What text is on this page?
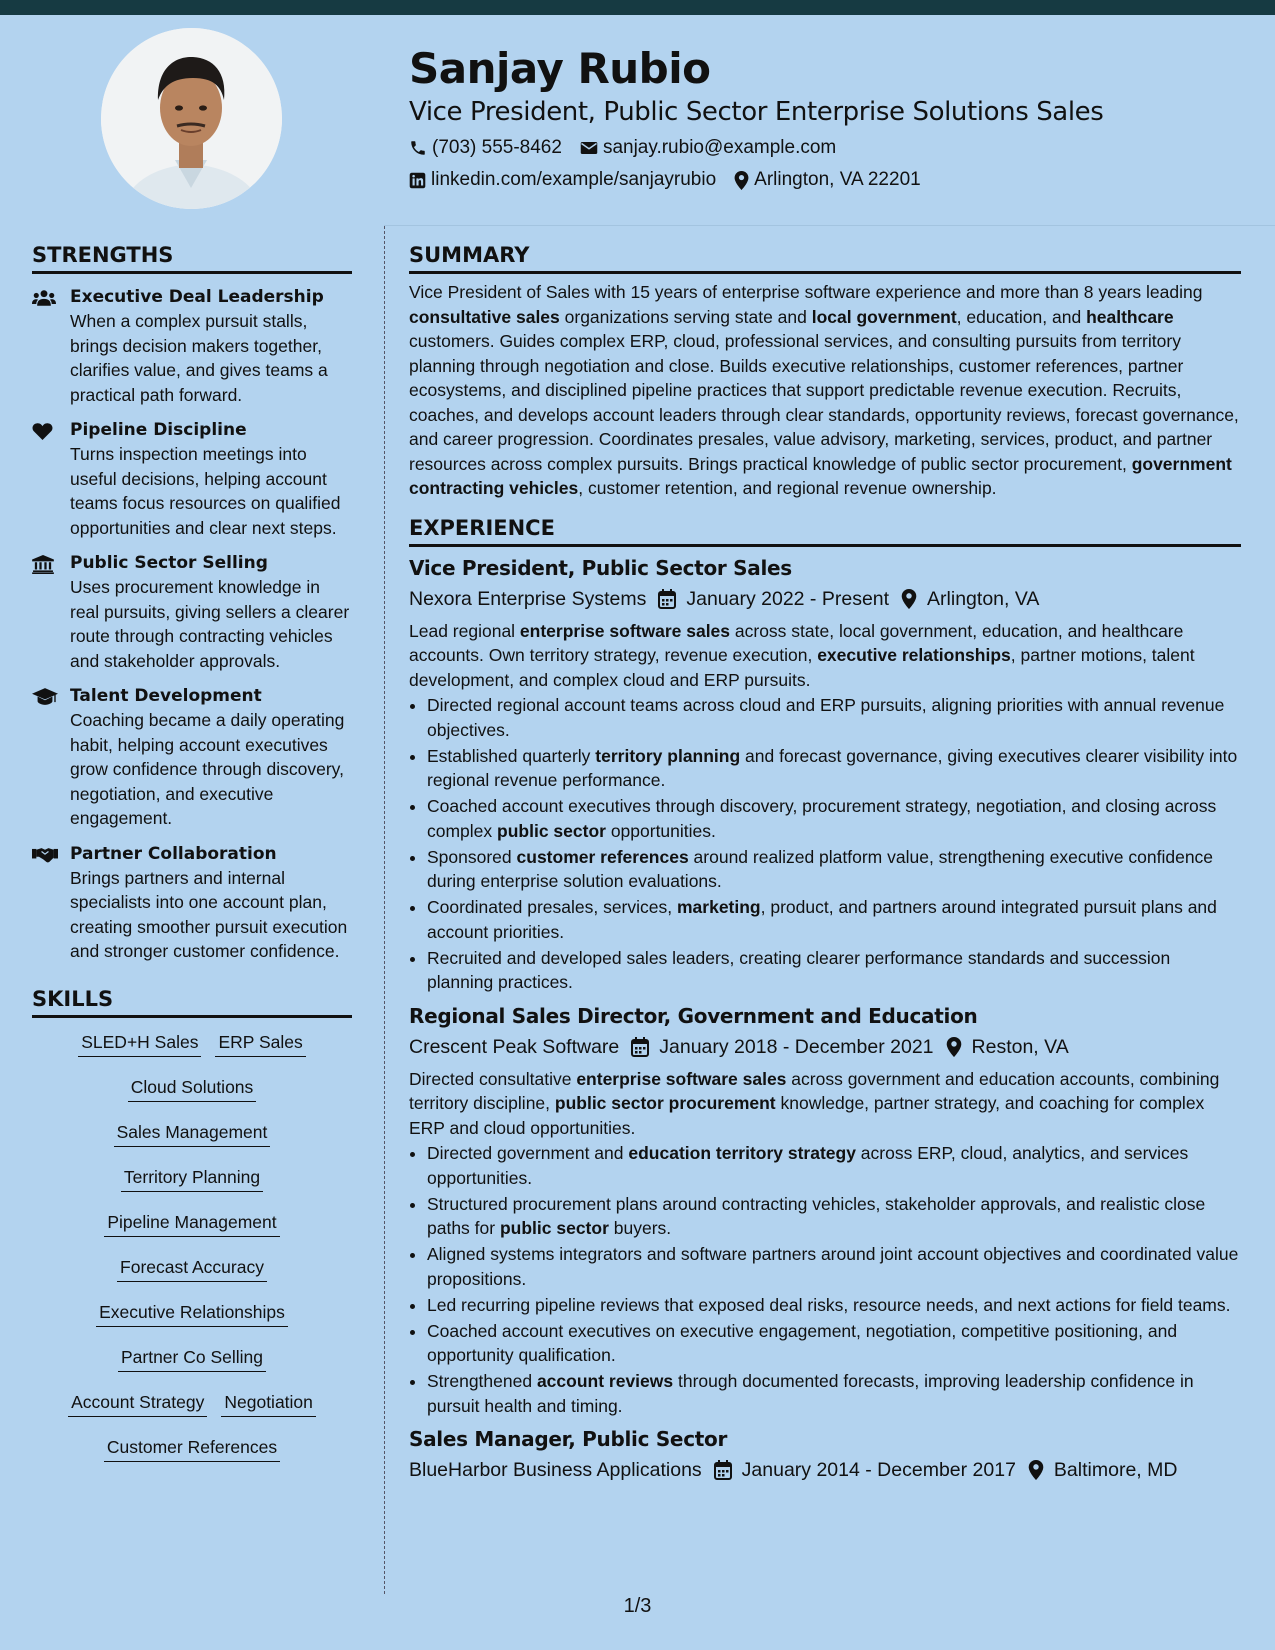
Sanjay Rubio
Vice President, Public Sector Enterprise Solutions Sales
(703) 555-8462 sanjay.rubio@example.com
linkedin.com/example/sanjayrubio Arlington, VA 22201
STRENGTHS
Executive Deal Leadership
When a complex pursuit stalls, brings decision makers together, clarifies value, and gives teams a practical path forward.
Pipeline Discipline
Turns inspection meetings into useful decisions, helping account teams focus resources on qualified opportunities and clear next steps.
Public Sector Selling
Uses procurement knowledge in real pursuits, giving sellers a clearer route through contracting vehicles and stakeholder approvals.
Talent Development
Coaching became a daily operating habit, helping account executives grow confidence through discovery, negotiation, and executive engagement.
Partner Collaboration
Brings partners and internal specialists into one account plan, creating smoother pursuit execution and stronger customer confidence.
SKILLS
SLED+H Sales ERP Sales
Cloud Solutions
Sales Management
Territory Planning
Pipeline Management
Forecast Accuracy
Executive Relationships
Partner Co Selling
Account Strategy Negotiation
Customer References
SUMMARY
Vice President of Sales with 15 years of enterprise software experience and more than 8 years leading consultative sales organizations serving state and local government, education, and healthcare customers. Guides complex ERP, cloud, professional services, and consulting pursuits from territory planning through negotiation and close. Builds executive relationships, customer references, partner ecosystems, and disciplined pipeline practices that support predictable revenue execution. Recruits, coaches, and develops account leaders through clear standards, opportunity reviews, forecast governance, and career progression. Coordinates presales, value advisory, marketing, services, product, and partner resources across complex pursuits. Brings practical knowledge of public sector procurement, government contracting vehicles, customer retention, and regional revenue ownership.
EXPERIENCE
Vice President, Public Sector Sales
Nexora Enterprise Systems January 2022 - Present Arlington, VA
Lead regional enterprise software sales across state, local government, education, and healthcare accounts. Own territory strategy, revenue execution, executive relationships, partner motions, talent development, and complex cloud and ERP pursuits.
• Directed regional account teams across cloud and ERP pursuits, aligning priorities with annual revenue objectives.
• Established quarterly territory planning and forecast governance, giving executives clearer visibility into regional revenue performance.
• Coached account executives through discovery, procurement strategy, negotiation, and closing across complex public sector opportunities.
• Sponsored customer references around realized platform value, strengthening executive confidence during enterprise solution evaluations.
• Coordinated presales, services, marketing, product, and partners around integrated pursuit plans and account priorities.
• Recruited and developed sales leaders, creating clearer performance standards and succession planning practices.
Regional Sales Director, Government and Education
Crescent Peak Software January 2018 - December 2021 Reston, VA
Directed consultative enterprise software sales across government and education accounts, combining territory discipline, public sector procurement knowledge, partner strategy, and coaching for complex ERP and cloud opportunities.
• Directed government and education territory strategy across ERP, cloud, analytics, and services opportunities.
• Structured procurement plans around contracting vehicles, stakeholder approvals, and realistic close paths for public sector buyers.
• Aligned systems integrators and software partners around joint account objectives and coordinated value propositions.
• Led recurring pipeline reviews that exposed deal risks, resource needs, and next actions for field teams.
• Coached account executives on executive engagement, negotiation, competitive positioning, and opportunity qualification.
• Strengthened account reviews through documented forecasts, improving leadership confidence in pursuit health and timing.
Sales Manager, Public Sector
BlueHarbor Business Applications January 2014 - December 2017 Baltimore, MD
1/3
